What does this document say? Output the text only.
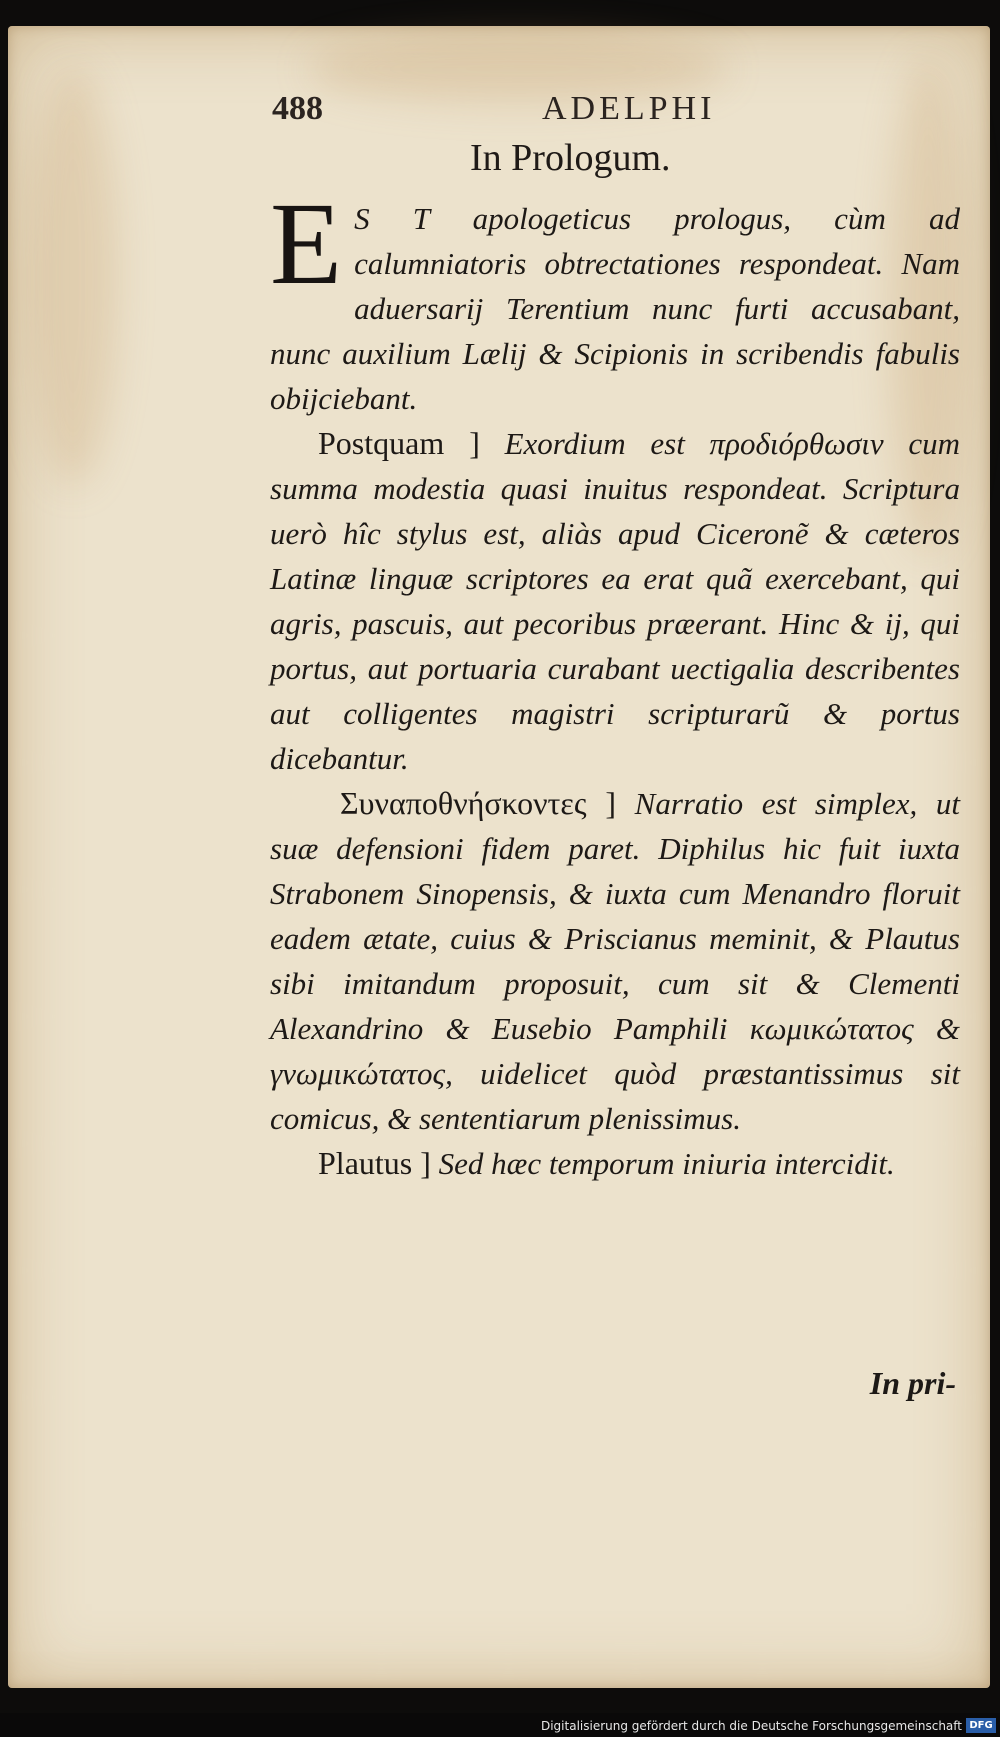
488	ADELPHI
In Prologum.

E S T apologeticus prologus, cùm ad calumniatoris obtrectationes respondeat. Nam aduersarij Terentium nunc furti accusabant, nunc auxilium Lælij & Scipionis in scribendis fabulis obijciebant.

Postquam ] Exordium est προδιόρθωσιν cum summa modestia quasi inuitus respondeat. Scriptura uerò hîc stylus est, aliàs apud Ciceronẽ & cæteros Latinæ linguæ scriptores ea erat quã exercebant, qui agris, pascuis, aut pecoribus præerant. Hinc & ij, qui portus, aut portuaria curabant uectigalia describentes aut colligentes magistri scripturarũ & portus dicebantur.

Συναποθνήσκοντες ] Narratio est simplex, ut suæ defensioni fidem paret. Diphilus hic fuit iuxta Strabonem Sinopensis, & iuxta cum Menandro floruit eadem ætate, cuius & Priscianus meminit, & Plautus sibi imitandum proposuit, cum sit & Clementi Alexandrino & Eusebio Pamphili κωμικώτατος & γνωμικώτατος, uidelicet quòd præstantissimus sit comicus, & sententiarum plenissimus.

Plautus ] Sed hæc temporum iniuria intercidit.

In pri-
Digitalisierung gefördert durch die Deutsche Forschungsgemeinschaft DFG
